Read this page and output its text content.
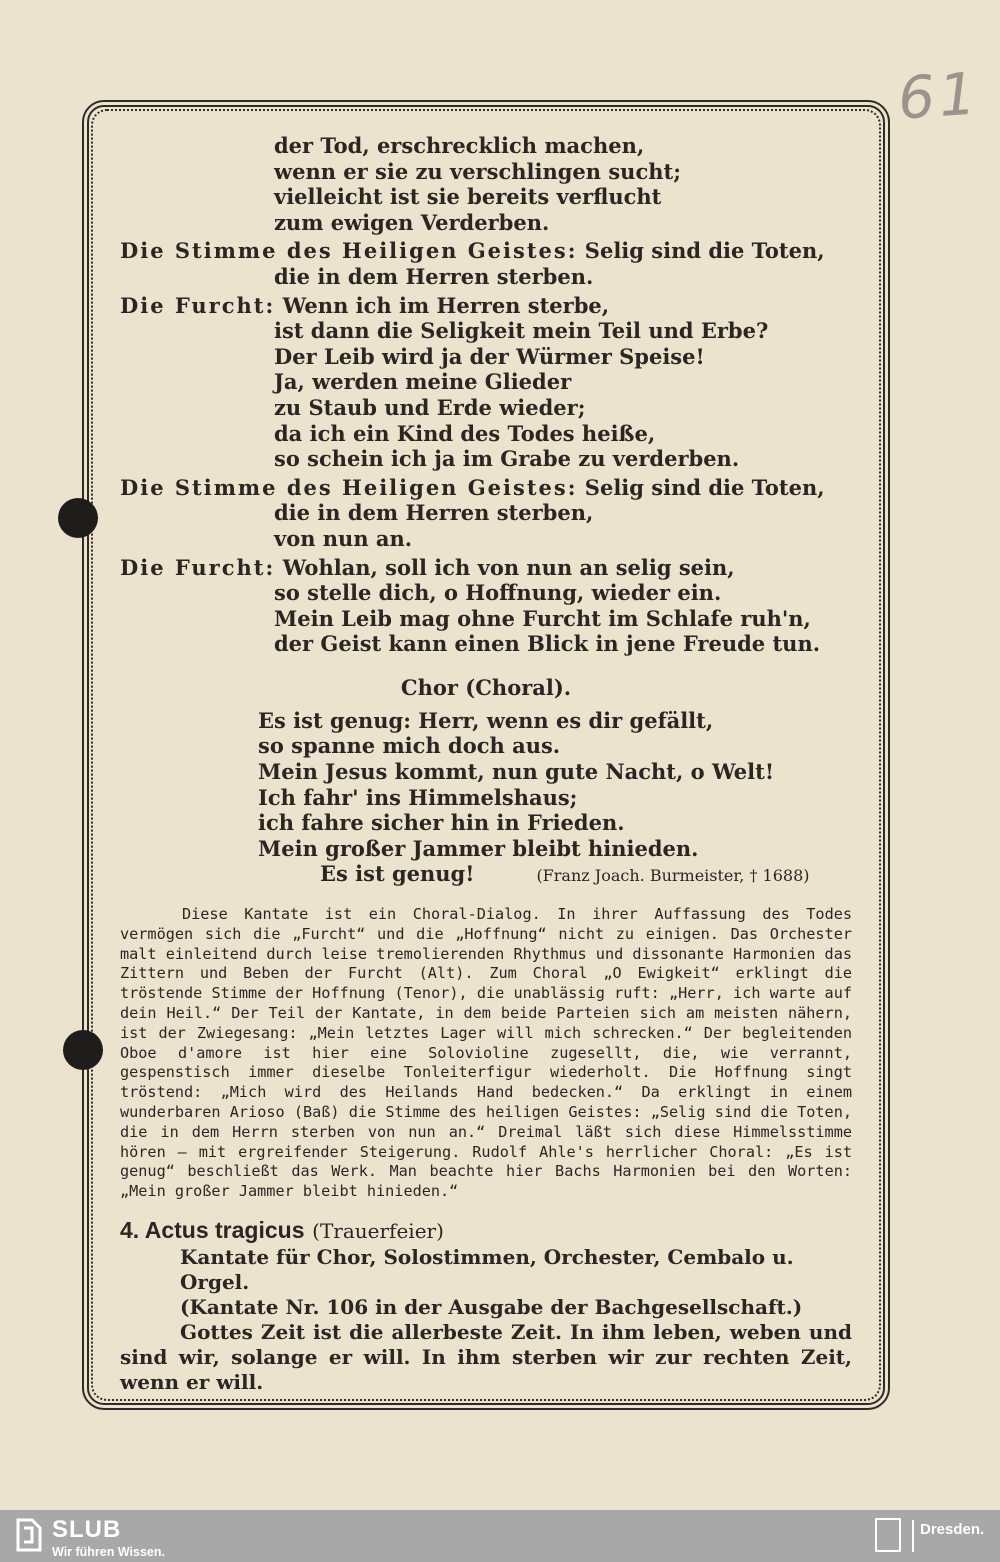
61
der Tod, erschrecklich machen,
wenn er sie zu verschlingen sucht;
vielleicht ist sie bereits verflucht
zum ewigen Verderben.
Die Stimme des Heiligen Geistes: Selig sind die Toten,
die in dem Herren sterben.
Die Furcht: Wenn ich im Herren sterbe,
ist dann die Seligkeit mein Teil und Erbe?
Der Leib wird ja der Würmer Speise!
Ja, werden meine Glieder
zu Staub und Erde wieder;
da ich ein Kind des Todes heiße,
so schein ich ja im Grabe zu verderben.
Die Stimme des Heiligen Geistes: Selig sind die Toten,
die in dem Herren sterben,
von nun an.
Die Furcht: Wohlan, soll ich von nun an selig sein,
so stelle dich, o Hoffnung, wieder ein.
Mein Leib mag ohne Furcht im Schlafe ruh'n,
der Geist kann einen Blick in jene Freude tun.
Chor (Choral).
Es ist genug: Herr, wenn es dir gefällt,
so spanne mich doch aus.
Mein Jesus kommt, nun gute Nacht, o Welt!
Ich fahr' ins Himmelshaus;
ich fahre sicher hin in Frieden.
Mein großer Jammer bleibt hinieden.
Es ist genug!	(Franz Joach. Burmeister, † 1688)
Diese Kantate ist ein Choral-Dialog. In ihrer Auffassung des Todes vermögen sich die „Furcht“ und die „Hoffnung“ nicht zu einigen. Das Orchester malt einleitend durch leise tremolierenden Rhythmus und dissonante Harmonien das Zittern und Beben der Furcht (Alt). Zum Choral „O Ewigkeit“ erklingt die tröstende Stimme der Hoffnung (Tenor), die unablässig ruft: „Herr, ich warte auf dein Heil.“ Der Teil der Kantate, in dem beide Parteien sich am meisten nähern, ist der Zwiegesang: „Mein letztes Lager will mich schrecken.“ Der begleitenden Oboe d'amore ist hier eine Solovioline zugesellt, die, wie verrannt, gespenstisch immer dieselbe Tonleiterfigur wiederholt. Die Hoffnung singt tröstend: „Mich wird des Heilands Hand bedecken.“ Da erklingt in einem wunderbaren Arioso (Baß) die Stimme des heiligen Geistes: „Selig sind die Toten, die in dem Herrn sterben von nun an.“ Dreimal läßt sich diese Himmelsstimme hören — mit ergreifender Steigerung. Rudolf Ahle's herrlicher Choral: „Es ist genug“ beschließt das Werk. Man beachte hier Bachs Harmonien bei den Worten: „Mein großer Jammer bleibt hinieden.“
4. Actus tragicus (Trauerfeier)
Kantate für Chor, Solostimmen, Orchester, Cembalo u. Orgel.
(Kantate Nr. 106 in der Ausgabe der Bachgesellschaft.)
Gottes Zeit ist die allerbeste Zeit. In ihm leben, weben und sind wir, solange er will. In ihm sterben wir zur rechten Zeit, wenn er will.
SLUB
Wir führen Wissen.
Dresden.
